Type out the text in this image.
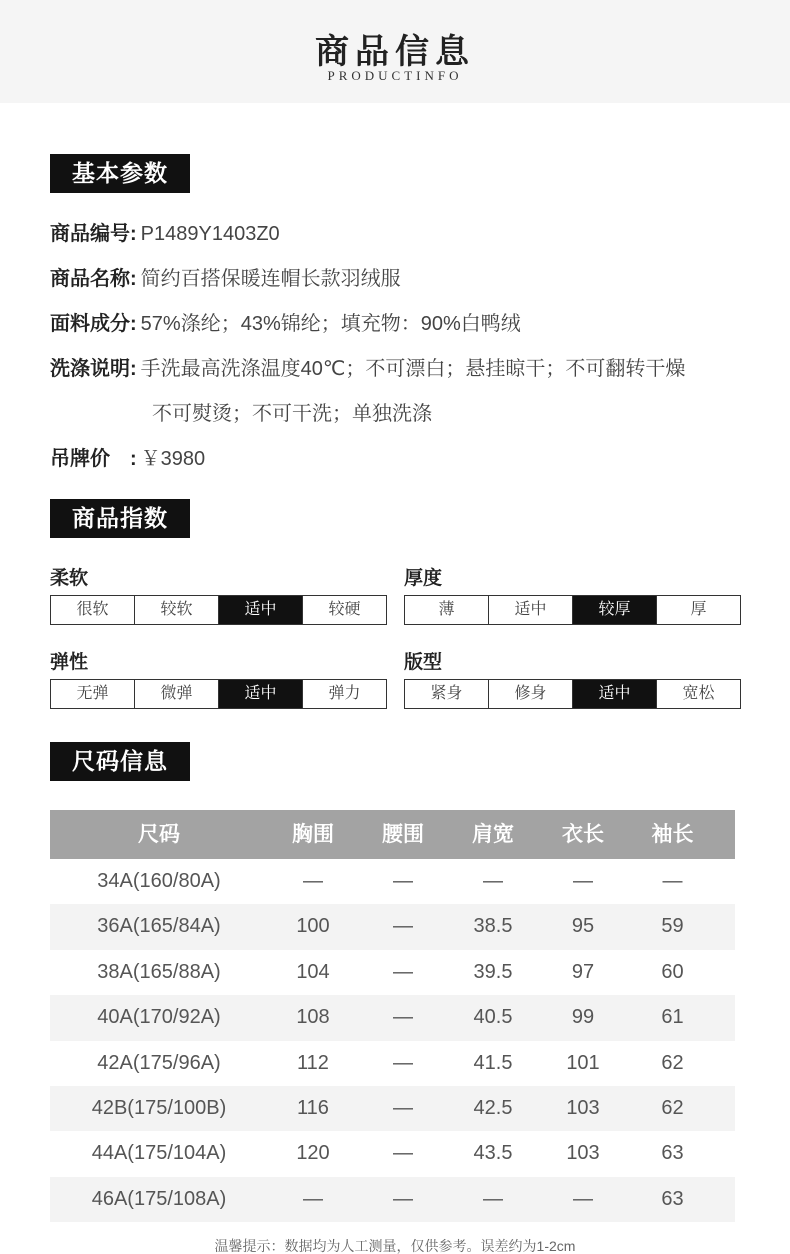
商品信息
PRODUCTINFO
基本参数
商品编号: P1489Y1403Z0
商品名称: 简约百搭保暖连帽长款羽绒服
面料成分: 57%涤纶；43%锦纶；填充物：90%白鸭绒
洗涤说明: 手洗最高洗涤温度40℃；不可漂白；悬挂晾干；不可翻转干燥
不可熨烫；不可干洗；单独洗涤
吊牌价　: ￥3980
商品指数
柔软
很软	较软	适中	较硬
厚度
薄	适中	较厚	厚
弹性
无弹	微弹	适中	弹力
版型
紧身	修身	适中	宽松
尺码信息
尺码	胸围	腰围	肩宽	衣长	袖长
34A(160/80A)	—	—	—	—	—
36A(165/84A)	100	—	38.5	95	59
38A(165/88A)	104	—	39.5	97	60
40A(170/92A)	108	—	40.5	99	61
42A(175/96A)	112	—	41.5	101	62
42B(175/100B)	116	—	42.5	103	62
44A(175/104A)	120	—	43.5	103	63
46A(175/108A)	—	—	—	—	63
温馨提示：数据均为人工测量，仅供参考。误差约为1-2cm
